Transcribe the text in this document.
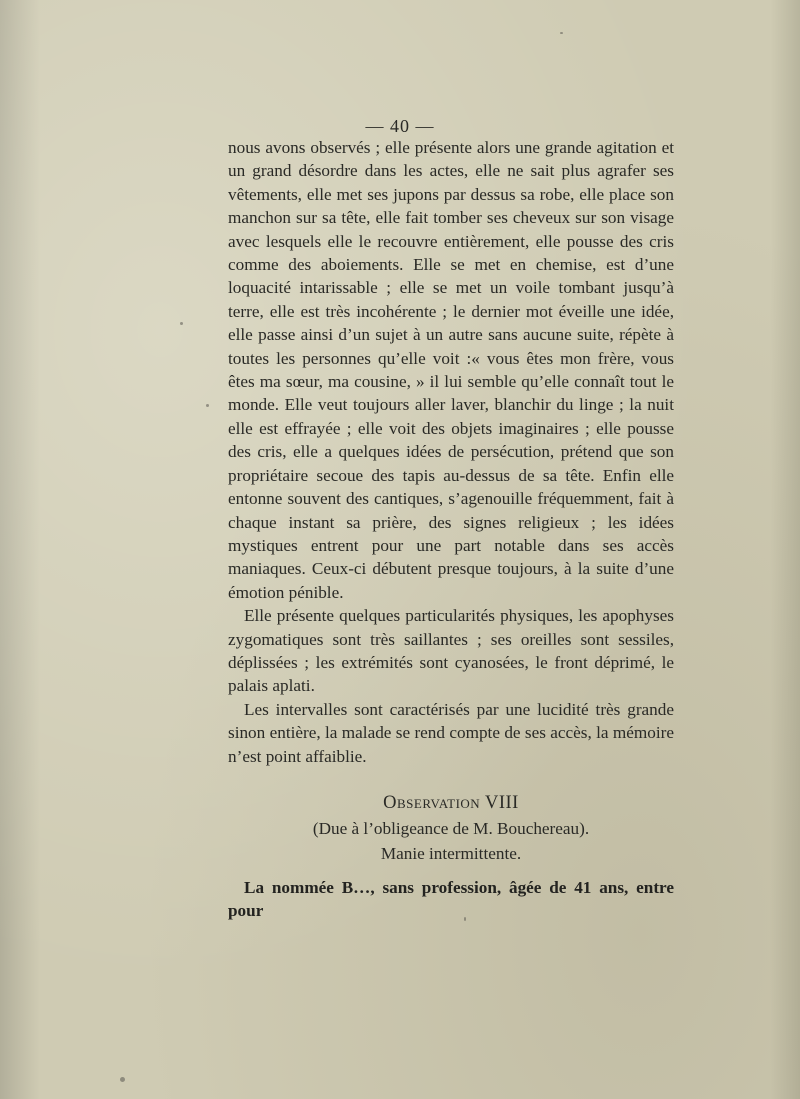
— 40 —

nous avons observés ; elle présente alors une grande agitation et un grand désordre dans les actes, elle ne sait plus agrafer ses vêtements, elle met ses jupons par dessus sa robe, elle place son manchon sur sa tête, elle fait tomber ses cheveux sur son visage avec lesquels elle le recouvre entièrement, elle pousse des cris comme des aboiements. Elle se met en chemise, est d’une loquacité intarissable ; elle se met un voile tombant jusqu’à terre, elle est très incohérente ; le dernier mot éveille une idée, elle passe ainsi d’un sujet à un autre sans aucune suite, répète à toutes les personnes qu’elle voit :« vous êtes mon frère, vous êtes ma sœur, ma cousine, » il lui semble qu’elle connaît tout le monde. Elle veut toujours aller laver, blanchir du linge ; la nuit elle est effrayée ; elle voit des objets imaginaires ; elle pousse des cris, elle a quelques idées de persécution, prétend que son propriétaire secoue des tapis au-dessus de sa tête. Enfin elle entonne souvent des cantiques, s’agenouille fréquemment, fait à chaque instant sa prière, des signes religieux ; les idées mystiques entrent pour une part notable dans ses accès maniaques. Ceux-ci débutent presque toujours, à la suite d’une émotion pénible.

Elle présente quelques particularités physiques, les apophyses zygomatiques sont très saillantes ; ses oreilles sont sessiles, déplissées ; les extrémités sont cyanosées, le front déprimé, le palais aplati.

Les intervalles sont caractérisés par une lucidité très grande sinon entière, la malade se rend compte de ses accès, la mémoire n’est point affaiblie.

Observation VIII

(Due à l’obligeance de M. Bouchereau).

Manie intermittente.

La nommée B…, sans profession, âgée de 41 ans, entre pour
